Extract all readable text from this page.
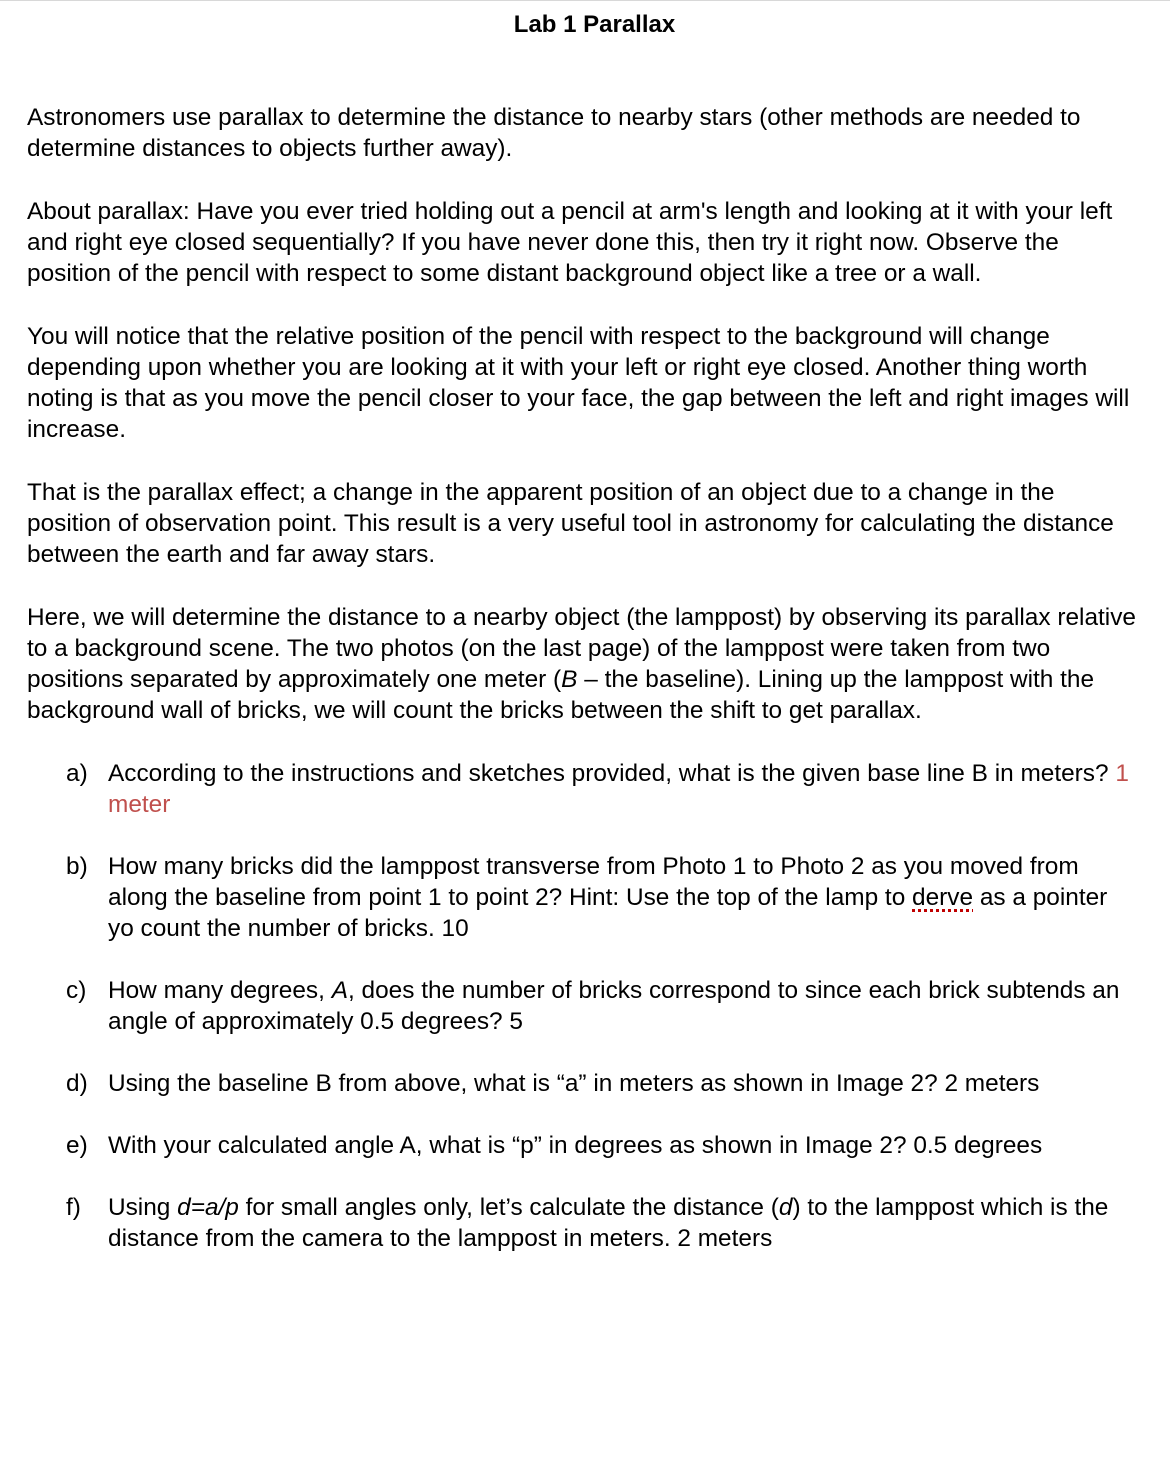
Lab 1 Parallax

Astronomers use parallax to determine the distance to nearby stars (other methods are needed to determine distances to objects further away).

About parallax: Have you ever tried holding out a pencil at arm's length and looking at it with your left and right eye closed sequentially? If you have never done this, then try it right now. Observe the position of the pencil with respect to some distant background object like a tree or a wall.

You will notice that the relative position of the pencil with respect to the background will change depending upon whether you are looking at it with your left or right eye closed. Another thing worth noting is that as you move the pencil closer to your face, the gap between the left and right images will increase.

That is the parallax effect; a change in the apparent position of an object due to a change in the position of observation point. This result is a very useful tool in astronomy for calculating the distance between the earth and far away stars.

Here, we will determine the distance to a nearby object (the lamppost) by observing its parallax relative to a background scene. The two photos (on the last page) of the lamppost were taken from two positions separated by approximately one meter (B – the baseline). Lining up the lamppost with the background wall of bricks, we will count the bricks between the shift to get parallax.

a) According to the instructions and sketches provided, what is the given base line B in meters? 1 meter
b) How many bricks did the lamppost transverse from Photo 1 to Photo 2 as you moved from along the baseline from point 1 to point 2? Hint: Use the top of the lamp to derve as a pointer yo count the number of bricks. 10
c) How many degrees, A, does the number of bricks correspond to since each brick subtends an angle of approximately 0.5 degrees? 5
d) Using the baseline B from above, what is “a” in meters as shown in Image 2? 2 meters
e) With your calculated angle A, what is “p” in degrees as shown in Image 2? 0.5 degrees
f) Using d=a/p for small angles only, let’s calculate the distance (d) to the lamppost which is the distance from the camera to the lamppost in meters. 2 meters
